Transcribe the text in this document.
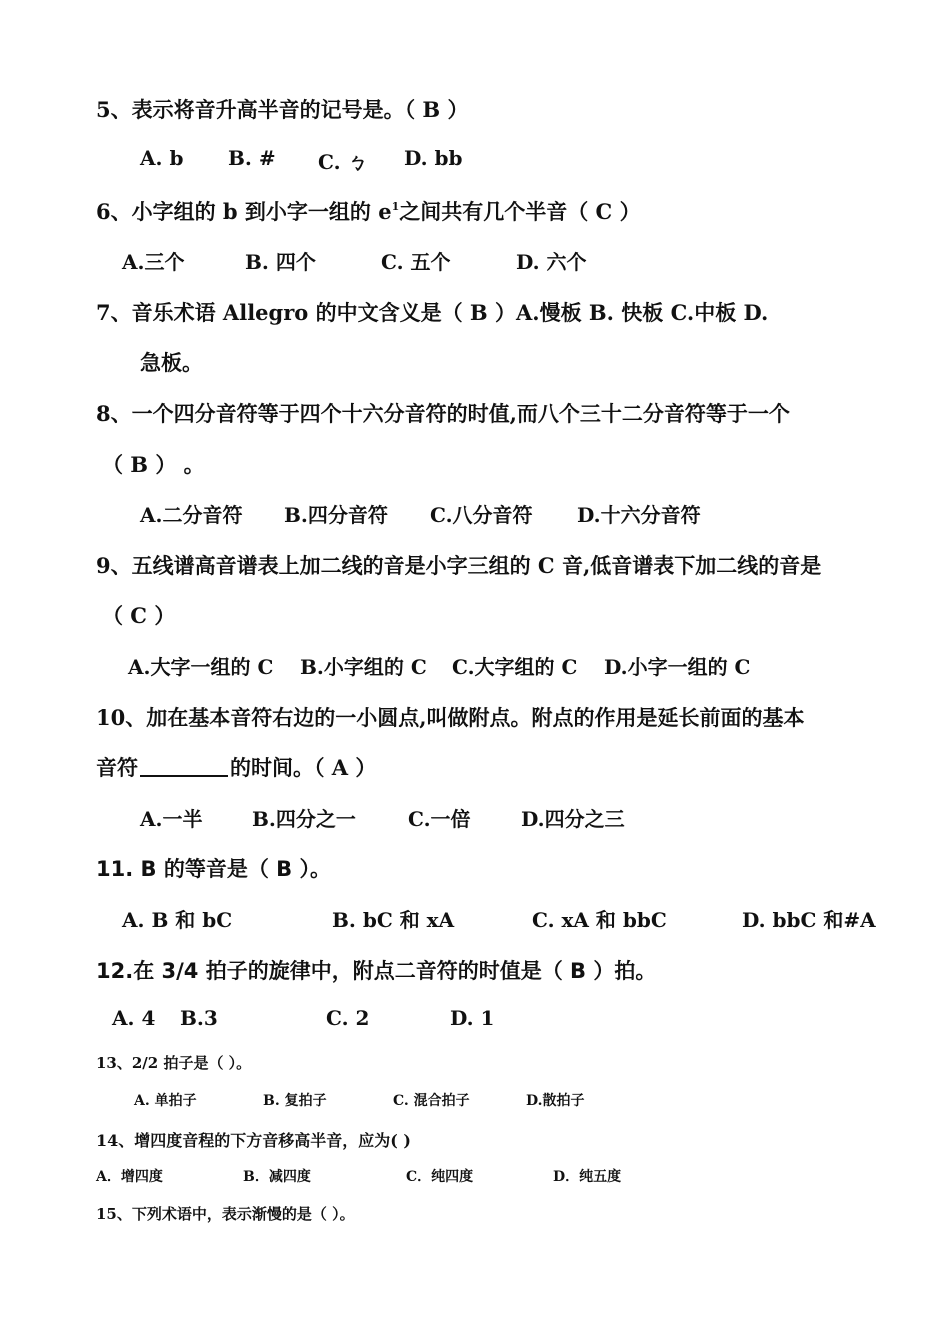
5、表示将音升高半音的记号是。（ B ）
A. b B. # C. ㄅ D. bb
6、小字组的 b 到小字一组的 $e^1$之间共有几个半音（ C ）
A.三个	B. 四个	C. 五个	D. 六个
7、音乐术语 Allegro 的中文含义是（ B ）A.慢板 B. 快板 C.中板 D.
急板。
8、一个四分音符等于四个十六分音符的时值,而八个三十二分音符等于一个
（ B ） 。
A.二分音符 B.四分音符 C.八分音符 D.十六分音符
9、五线谱高音谱表上加二线的音是小字三组的 C 音,低音谱表下加二线的音是
（ C ）
A.大字一组的 C B.小字组的 C C.大字组的 C D.小字一组的 C
10、加在基本音符右边的一小圆点,叫做附点。附点的作用是延长前面的基本
音符	的时间。（ A ）
A.一半 B.四分之一	C.一倍	D.四分之三
11. B 的等音是（ B ）。
A. B 和 bC	B. bC 和 xA	C. xA 和 bbC	D. bbC 和#A
12.在 3/4 拍子的旋律中，附点二音符的时值是（ B ）拍。
A. 4 B.3	C. 2	D. 1
13、2/2 拍子是（ ）。
A. 单拍子	B. 复拍子	C. 混合拍子	D.散拍子
14、增四度音程的下方音移高半音，应为( )
A．增四度	B．减四度	C．纯四度	D．纯五度
15、下列术语中，表示渐慢的是（ ）。
